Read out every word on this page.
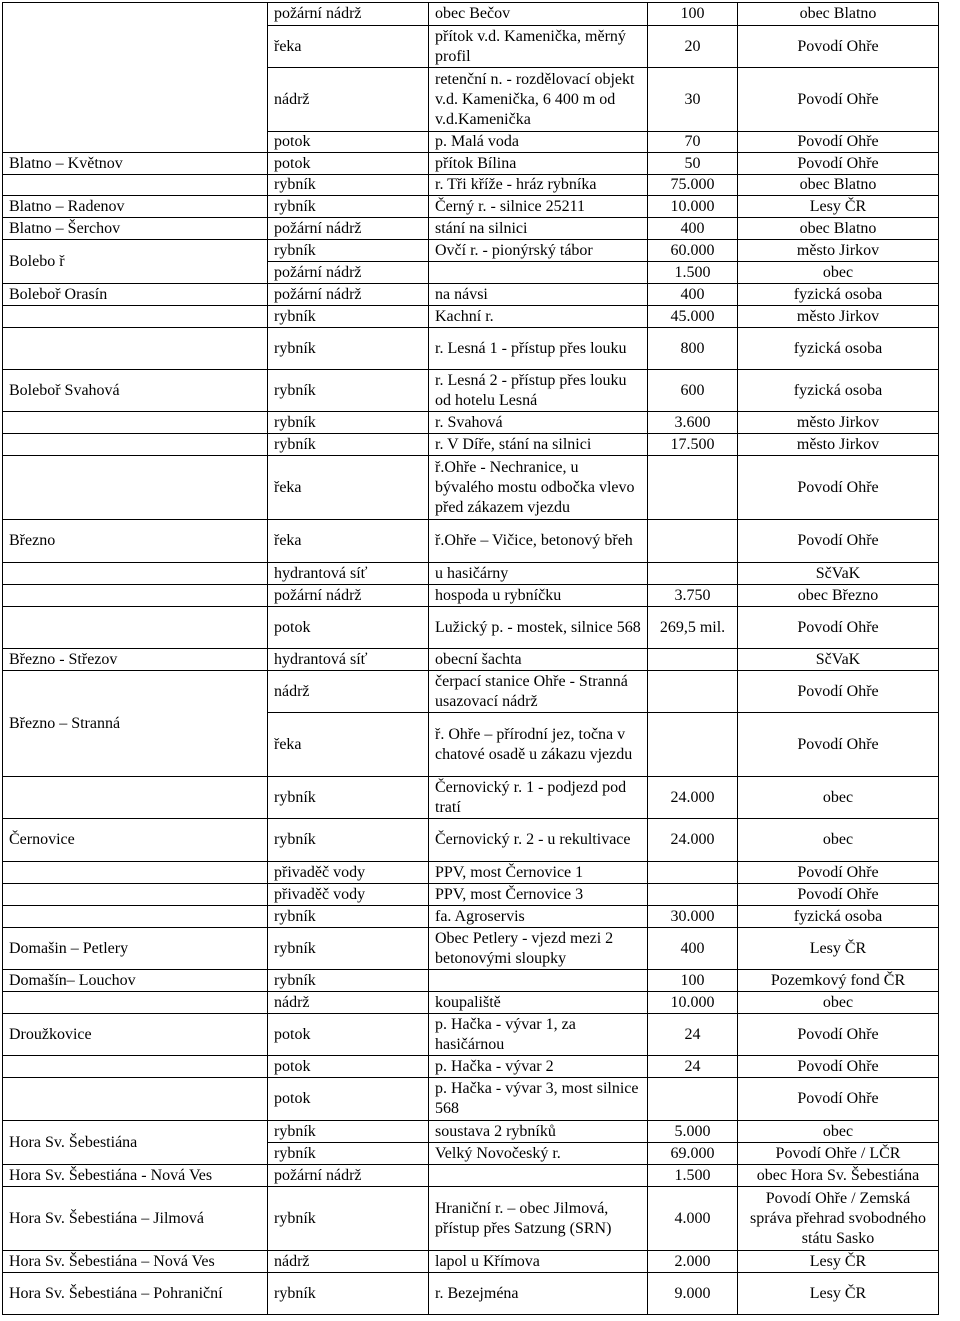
	požární nádrž	obec Bečov	100	obec Blatno
	řeka	přítok v.d. Kamenička, měrný profil	20	Povodí Ohře
	nádrž	retenční n. - rozdělovací objekt v.d. Kamenička, 6 400 m od v.d.Kamenička	30	Povodí Ohře
	potok	p. Malá voda	70	Povodí Ohře
Blatno – Květnov	potok	přítok Bílina	50	Povodí Ohře
	rybník	r. Tři kříže - hráz rybníka	75.000	obec Blatno
Blatno – Radenov	rybník	Černý r. - silnice 25211	10.000	Lesy ČR
Blatno – Šerchov	požární nádrž	stání na silnici	400	obec Blatno
Bolebo ř	rybník	Ovčí r. - pionýrský tábor	60.000	město Jirkov
	požární nádrž		1.500	obec
Boleboř Orasín	požární nádrž	na návsi	400	fyzická osoba
	rybník	Kachní r.	45.000	město Jirkov
	rybník	r. Lesná 1 - přístup přes louku	800	fyzická osoba
Boleboř Svahová	rybník	r. Lesná 2 - přístup přes louku od hotelu Lesná	600	fyzická osoba
	rybník	r. Svahová	3.600	město Jirkov
	rybník	r. V Díře, stání na silnici	17.500	město Jirkov
	řeka	ř.Ohře - Nechranice, u bývalého mostu odbočka vlevo před zákazem vjezdu		Povodí Ohře
Březno	řeka	ř.Ohře – Vičice, betonový břeh		Povodí Ohře
	hydrantová síť	u hasičárny		SčVaK
	požární nádrž	hospoda u rybníčku	3.750	obec Březno
	potok	Lužický p. - mostek, silnice 568	269,5 mil.	Povodí Ohře
Březno - Střezov	hydrantová síť	obecní šachta		SčVaK
Březno – Stranná	nádrž	čerpací stanice Ohře - Stranná usazovací nádrž		Povodí Ohře
	řeka	ř. Ohře – přírodní jez, točna v chatové osadě u zákazu vjezdu		Povodí Ohře
	rybník	Černovický r. 1 - podjezd pod tratí	24.000	obec
Černovice	rybník	Černovický r. 2 - u rekultivace	24.000	obec
	přivaděč vody	PPV, most Černovice 1		Povodí Ohře
	přivaděč vody	PPV, most Černovice 3		Povodí Ohře
	rybník	fa. Agroservis	30.000	fyzická osoba
Domašin – Petlery	rybník	Obec Petlery - vjezd mezi 2 betonovými sloupky	400	Lesy ČR
Domašín– Louchov	rybník		100	Pozemkový fond ČR
	nádrž	koupaliště	10.000	obec
Droužkovice	potok	p. Hačka - vývar 1, za hasičárnou	24	Povodí Ohře
	potok	p. Hačka - vývar 2	24	Povodí Ohře
	potok	p. Hačka - vývar 3, most silnice 568		Povodí Ohře
Hora Sv. Šebestiána	rybník	soustava 2 rybníků	5.000	obec
	rybník	Velký Novočeský r.	69.000	Povodí Ohře / LČR
Hora Sv. Šebestiána - Nová Ves	požární nádrž		1.500	obec Hora Sv. Šebestiána
Hora Sv. Šebestiána – Jilmová	rybník	Hraniční r. – obec Jilmová, přístup přes Satzung (SRN)	4.000	Povodí Ohře / Zemská správa přehrad svobodného státu Sasko
Hora Sv. Šebestiána – Nová Ves	nádrž	lapol u Křímova	2.000	Lesy ČR
Hora Sv. Šebestiána – Pohraniční	rybník	r. Bezejména	9.000	Lesy ČR
